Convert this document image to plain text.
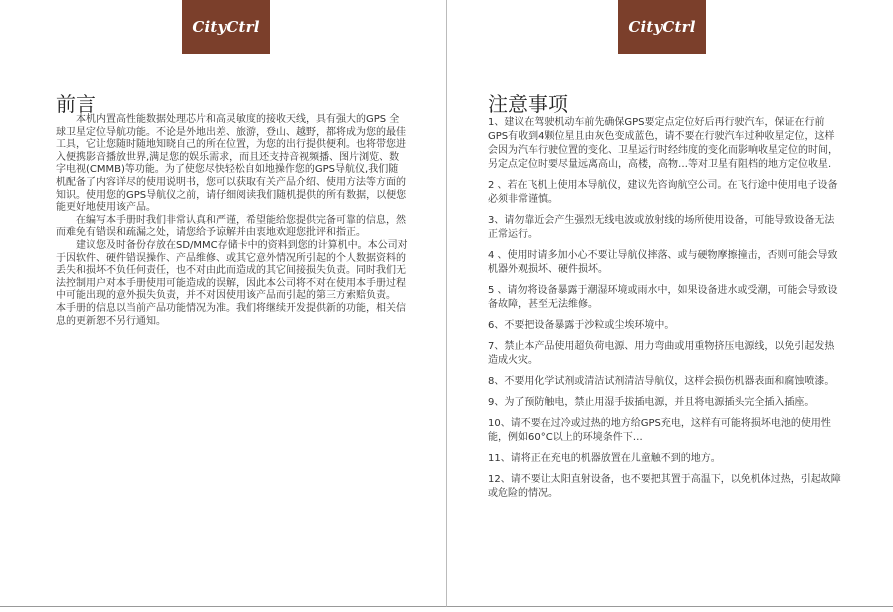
CityCtrl
前言

本机内置高性能数据处理芯片和高灵敏度的接收天线，具有强大的GPS 全球卫星定位导航功能。不论是外地出差、旅游，登山、越野，都将成为您的最佳工具，它让您随时随地知晓自己的所在位置，为您的出行提供便利。也将带您进入便携影音播放世界,满足您的娱乐需求，而且还支持音视频播、图片浏览、数字电视(CMMB)等功能。为了使您尽快轻松自如地操作您的GPS导航仪,我们随机配备了内容详尽的使用说明书，您可以获取有关产品介绍、使用方法等方面的知识。使用您的GPS导航仪之前，请仔细阅读我们随机提供的所有数据，以便您能更好地使用该产品。

在编写本手册时我们非常认真和严谨，希望能给您提供完备可靠的信息，然而难免有错误和疏漏之处，请您给予谅解并由衷地欢迎您批评和指正。

建议您及时备份存放在SD/MMC存储卡中的资料到您的计算机中。本公司对于因软件、硬件错误操作、产品维修、或其它意外情况所引起的个人数据资料的丢失和损坏不负任何责任，也不对由此而造成的其它间接损失负责。同时我们无法控制用户对本手册使用可能造成的误解，因此本公司将不对在使用本手册过程中可能出现的意外损失负责，并不对因使用该产品而引起的第三方索赔负责。

本手册的信息以当前产品功能情况为准。我们将继续开发提供新的功能，相关信息的更新恕不另行通知。

CityCtrl
注意事项

1、建议在驾驶机动车前先确保GPS要定点定位好后再行驶汽车，保证在行前GPS有收到4颗位星且由灰色变成蓝色，请不要在行驶汽车过种收星定位，这样会因为汽车行驶位置的变化、卫星运行时经纬度的变化而影响收星定位的时间，另定点定位时要尽量远离高山，高楼，高物…等对卫星有阻档的地方定位收星.

2 、若在飞机上使用本导航仪，建议先咨询航空公司。在飞行途中使用电子设备必须非常谨慎。

3、请勿靠近会产生强烈无线电波或放射线的场所使用设备，可能导致设备无法正常运行。

4 、使用时请多加小心不要让导航仪摔落、或与硬物摩擦撞击，否则可能会导致机器外观损坏、硬件损坏。

5 、请勿将设备暴露于潮湿环境或雨水中，如果设备进水或受潮，可能会导致设备故障，甚至无法维修。

6、不要把设备暴露于沙粒或尘埃环境中。

7、禁止本产品使用超负荷电源、用力弯曲或用重物挤压电源线，以免引起发热造成火灾。

8、不要用化学试剂或清洁试剂清洁导航仪，这样会损伤机器表面和腐蚀喷漆。

9、为了预防触电，禁止用湿手拔插电源，并且将电源插头完全插入插座。

10、请不要在过冷或过热的地方给GPS充电，这样有可能将损坏电池的使用性能，例如60°C以上的环境条件下…

11、请将正在充电的机器放置在儿童触不到的地方。

12、请不要让太阳直射设备，也不要把其置于高温下，以免机体过热，引起故障或危险的情况。
